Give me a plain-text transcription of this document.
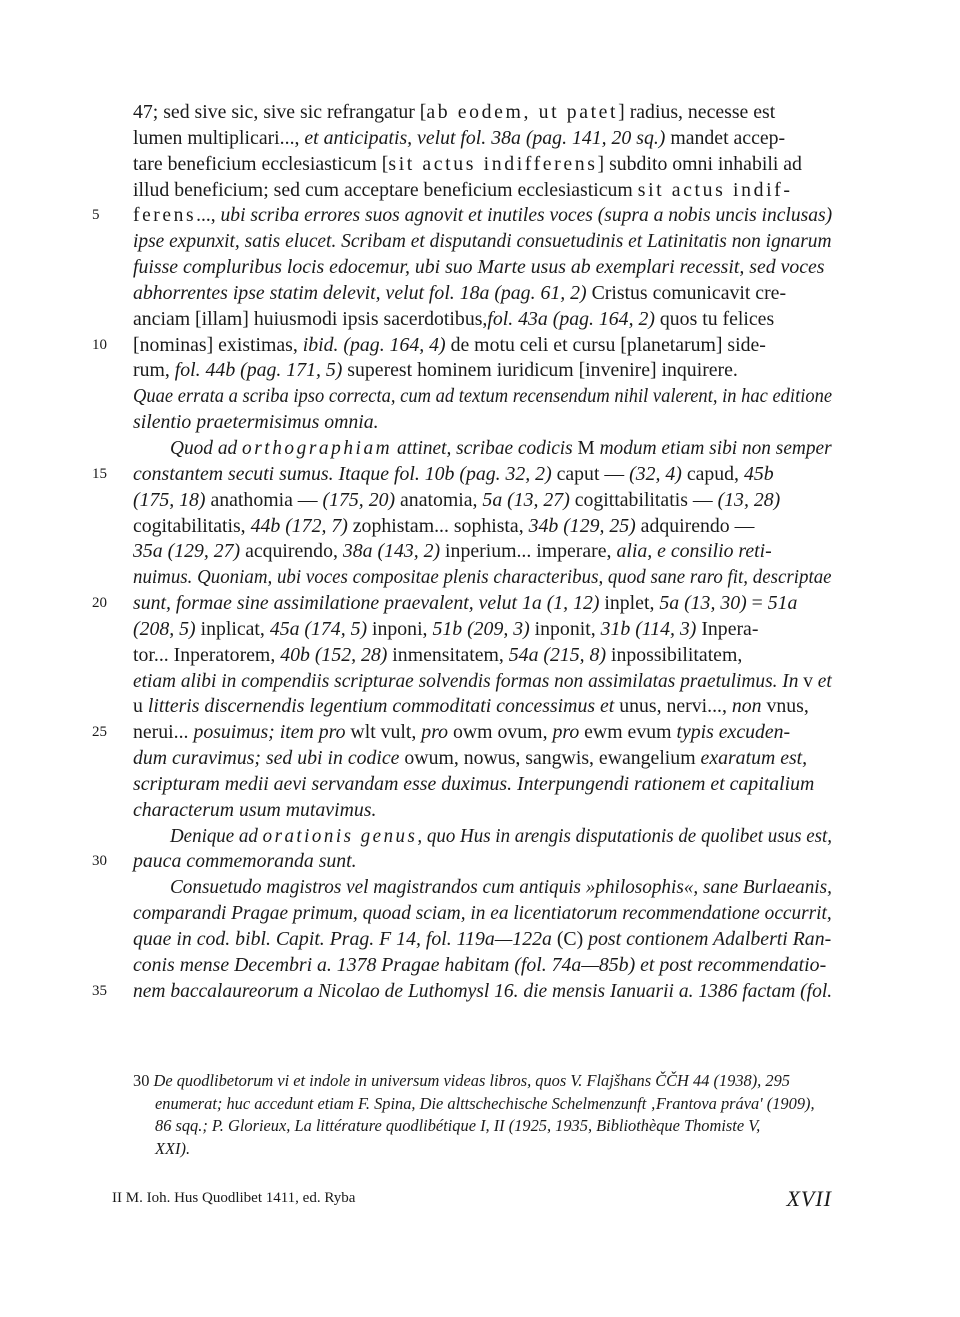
47; sed sive sic, sive sic refrangatur [ab eodem, ut patet] radius, necesse est
lumen multiplicari..., et anticipatis, velut fol. 38a (pag. 141, 20 sq.) mandet accep-
tare beneficium ecclesiasticum [sit actus indifferens] subdito omni inhabili ad
illud beneficium; sed cum acceptare beneficium ecclesiasticum sit actus indif-
5 ferens..., ubi scriba errores suos agnovit et inutiles voces (supra a nobis uncis inclusas)
ipse expunxit, satis elucet. Scribam et disputandi consuetudinis et Latinitatis non ignarum
fuisse compluribus locis edocemur, ubi suo Marte usus ab exemplari recessit, sed voces
abhorrentes ipse statim delevit, velut fol. 18a (pag. 61, 2) Cristus comunicavit cre-
anciam [illam] huiusmodi ipsis sacerdotibus,fol. 43a (pag. 164, 2) quos tu felices
10 [nominas] existimas, ibid. (pag. 164, 4) de motu celi et cursu [planetarum] side-
rum, fol. 44b (pag. 171, 5) superest hominem iuridicum [invenire] inquirere.
Quae errata a scriba ipso correcta, cum ad textum recensendum nihil valerent, in hac editione
silentio praetermisimus omnia.
Quod ad orthographiam attinet, scribae codicis M modum etiam sibi non semper
15 constantem secuti sumus. Itaque fol. 10b (pag. 32, 2) caput — (32, 4) capud, 45b
(175, 18) anathomia — (175, 20) anatomia, 5a (13, 27) cogittabilitatis — (13, 28)
cogitabilitatis, 44b (172, 7) zophistam... sophista, 34b (129, 25) adquirendo —
35a (129, 27) acquirendo, 38a (143, 2) inperium... imperare, alia, e consilio reti-
nuimus. Quoniam, ubi voces compositae plenis characteribus, quod sane raro fit, descriptae
20 sunt, formae sine assimilatione praevalent, velut 1a (1, 12) inplet, 5a (13, 30) = 51a
(208, 5) inplicat, 45a (174, 5) inponi, 51b (209, 3) inponit, 31b (114, 3) Inpera-
tor... Inperatorem, 40b (152, 28) inmensitatem, 54a (215, 8) inpossibilitatem,
etiam alibi in compendiis scripturae solvendis formas non assimilatas praetulimus. In v et
u litteris discernendis legentium commoditati concessimus et unus, nervi..., non vnus,
25 nerui... posuimus; item pro wlt vult, pro owm ovum, pro ewm evum typis excuden-
dum curavimus; sed ubi in codice owum, nowus, sangwis, ewangelium exaratum est,
scripturam medii aevi servandam esse duximus. Interpungendi rationem et capitalium
characterum usum mutavimus.
Denique ad orationis genus, quo Hus in arengis disputationis de quolibet usus est,
30 pauca commemoranda sunt.
Consuetudo magistros vel magistrandos cum antiquis »philosophis«, sane Burlaeanis,
comparandi Pragae primum, quoad sciam, in ea licentiatorum recommendatione occurrit,
quae in cod. bibl. Capit. Prag. F 14, fol. 119a—122a (C) post contionem Adalberti Ran-
conis mense Decembri a. 1378 Pragae habitam (fol. 74a—85b) et post recommendatio-
35 nem baccalaureorum a Nicolao de Luthomysl 16. die mensis Ianuarii a. 1386 factam (fol.
30 De quodlibetorum vi et indole in universum videas libros, quos V. Flajšhans ČČH 44 (1938), 295
enumerat; huc accedunt etiam F. Spina, Die alttschechische Schelmenzunft ‚Frantova práva' (1909),
86 sqq.; P. Glorieux, La littérature quodlibétique I, II (1925, 1935, Bibliothèque Thomiste V,
XXI).
II M. Ioh. Hus Quodlibet 1411, ed. Ryba	XVII
